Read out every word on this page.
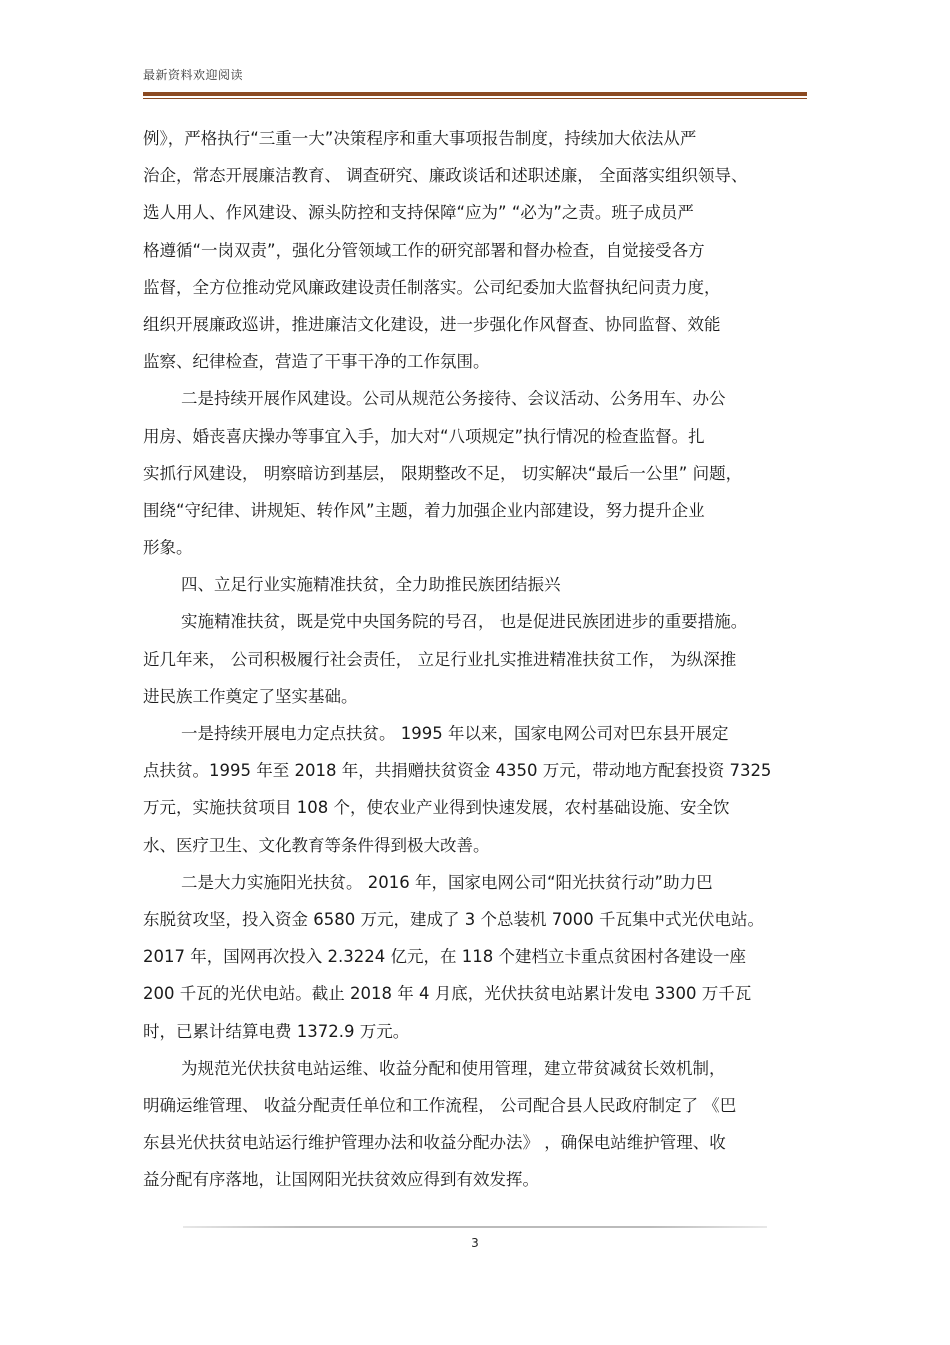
最新资料欢迎阅读
例》，严格执行“三重一大”决策程序和重大事项报告制度，持续加大依法从严
治企，常态开展廉洁教育、 调查研究、廉政谈话和述职述廉， 全面落实组织领导、
选人用人、作风建设、源头防控和支持保障“应为” “必为”之责。班子成员严
格遵循“一岗双责”，强化分管领域工作的研究部署和督办检查，自觉接受各方
监督，全方位推动党风廉政建设责任制落实。公司纪委加大监督执纪问责力度，
组织开展廉政巡讲，推进廉洁文化建设，进一步强化作风督查、协同监督、效能
监察、纪律检查，营造了干事干净的工作氛围。
二是持续开展作风建设。公司从规范公务接待、会议活动、公务用车、办公
用房、婚丧喜庆操办等事宜入手，加大对“八项规定”执行情况的检查监督。扎
实抓行风建设， 明察暗访到基层， 限期整改不足， 切实解决“最后一公里” 问题，
围绕“守纪律、讲规矩、转作风”主题，着力加强企业内部建设，努力提升企业
形象。
四、立足行业实施精准扶贫，全力助推民族团结振兴
实施精准扶贫，既是党中央国务院的号召， 也是促进民族团进步的重要措施。
近几年来， 公司积极履行社会责任， 立足行业扎实推进精准扶贫工作， 为纵深推
进民族工作奠定了坚实基础。
一是持续开展电力定点扶贫。 1995 年以来，国家电网公司对巴东县开展定
点扶贫。1995 年至 2018 年，共捐赠扶贫资金 4350 万元，带动地方配套投资 7325
万元，实施扶贫项目 108 个，使农业产业得到快速发展，农村基础设施、安全饮
水、医疗卫生、文化教育等条件得到极大改善。
二是大力实施阳光扶贫。 2016 年，国家电网公司“阳光扶贫行动”助力巴
东脱贫攻坚，投入资金 6580 万元，建成了 3 个总装机 7000 千瓦集中式光伏电站。
2017 年，国网再次投入 2.3224 亿元，在 118 个建档立卡重点贫困村各建设一座
200 千瓦的光伏电站。截止 2018 年 4 月底，光伏扶贫电站累计发电 3300 万千瓦
时，已累计结算电费 1372.9 万元。
为规范光伏扶贫电站运维、收益分配和使用管理，建立带贫减贫长效机制，
明确运维管理、 收益分配责任单位和工作流程， 公司配合县人民政府制定了 《巴
东县光伏扶贫电站运行维护管理办法和收益分配办法》 ，确保电站维护管理、收
益分配有序落地，让国网阳光扶贫效应得到有效发挥。
3
